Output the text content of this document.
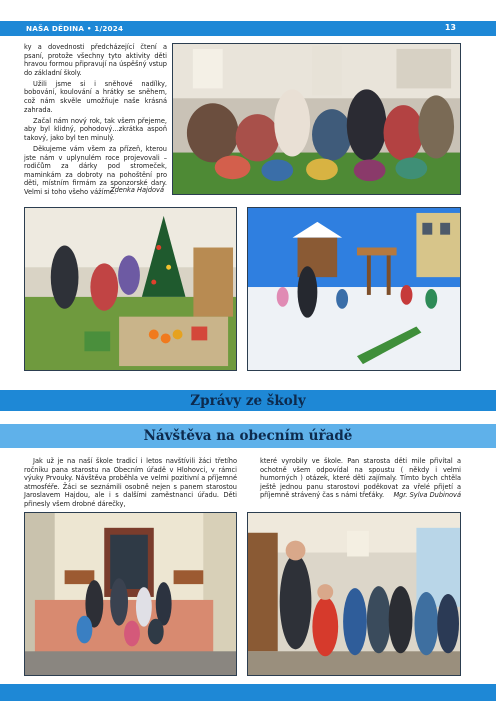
NAŠA DĚDINA • 1/2024	13

ky a dovednosti předcházející čtení a psaní, protože všechny tyto aktivity děti hravou formou připravují na úspěšný vstup do základní školy.

Užili jsme si i sněhové nadílky, bobování, koulování a hrátky se sněhem, což nám skvěle umožňuje naše krásná zahrada.

Začal nám nový rok, tak všem přejeme, aby byl klidný, pohodový…zkrátka aspoň takový, jako byl ten minulý.

Děkujeme vám všem za přízeň, kterou jste nám v uplynulém roce projevovali – rodičům za dárky pod stromeček, maminkám za dobroty na pohoštění pro děti, místním firmám za sponzorské dary. Velmi si toho všeho vážíme.

Zdenka Hajdová
Zprávy ze školy
Návštěva na obecním úřadě

Jak už je na naší škole tradicí i letos navštívili žáci třetího ročníku pana starostu na Obecním úřadě v Hlohovci, v rámci výuky Prvouky. Návštěva proběhla ve velmi pozitivní a příjemné atmosféře. Žáci se seznámili osobně nejen s panem starostou Jaroslavem Hajdou, ale i s dalšími zaměstnanci úřadu. Děti přinesly všem drobné dárečky,

které vyrobily ve škole. Pan starosta děti mile přivítal a ochotně všem odpovídal na spoustu ( někdy i velmi humorných ) otázek, které děti zajímaly. Tímto bych chtěla ještě jednou panu starostovi poděkovat za vřelé přijetí a příjemně strávený čas s námi třeťáky.	Mgr. Sylva Dubinová
